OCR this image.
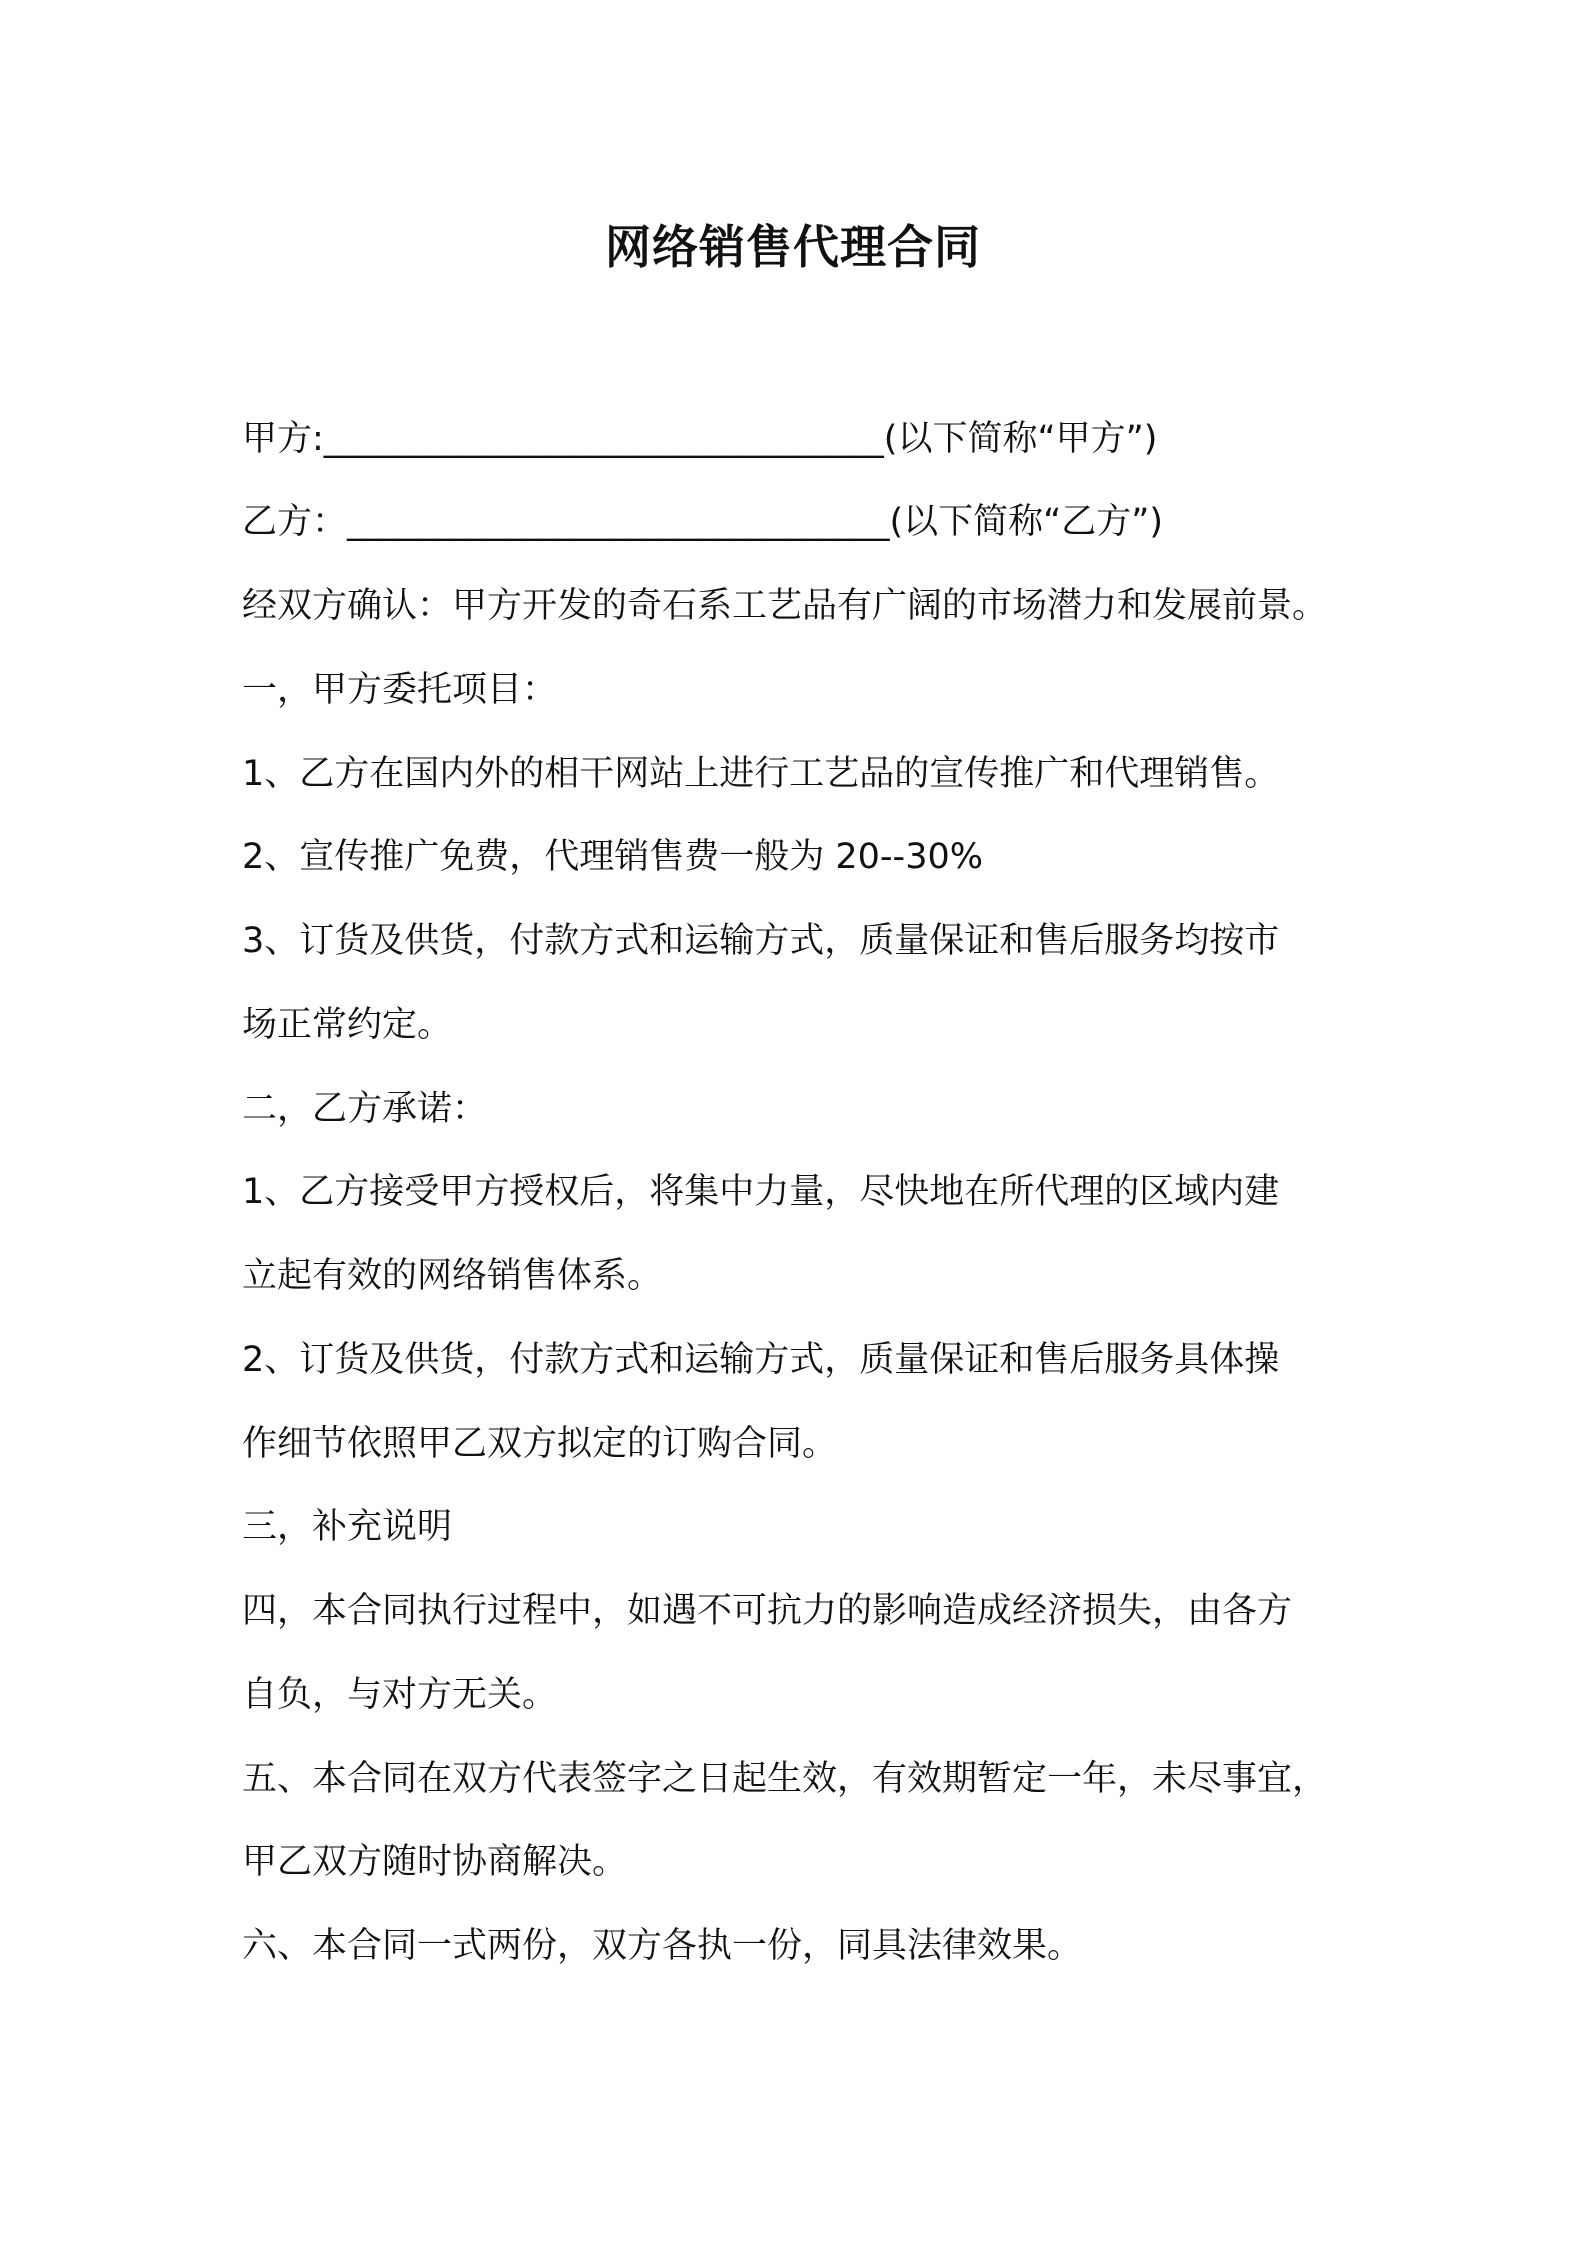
网络销售代理合同
甲方:________________________________(以下简称“甲方”)
乙方：_______________________________(以下简称“乙方”)
经双方确认：甲方开发的奇石系工艺品有广阔的市场潜力和发展前景。
一，甲方委托项目：
1、乙方在国内外的相干网站上进行工艺品的宣传推广和代理销售。
2、宣传推广免费，代理销售费一般为 20--30%
3、订货及供货，付款方式和运输方式，质量保证和售后服务均按市
场正常约定。
二，乙方承诺：
1、乙方接受甲方授权后，将集中力量，尽快地在所代理的区域内建
立起有效的网络销售体系。
2、订货及供货，付款方式和运输方式，质量保证和售后服务具体操
作细节依照甲乙双方拟定的订购合同。
三，补充说明
四，本合同执行过程中，如遇不可抗力的影响造成经济损失，由各方
自负，与对方无关。
五、本合同在双方代表签字之日起生效，有效期暂定一年，未尽事宜，
甲乙双方随时协商解决。
六、本合同一式两份，双方各执一份，同具法律效果。
